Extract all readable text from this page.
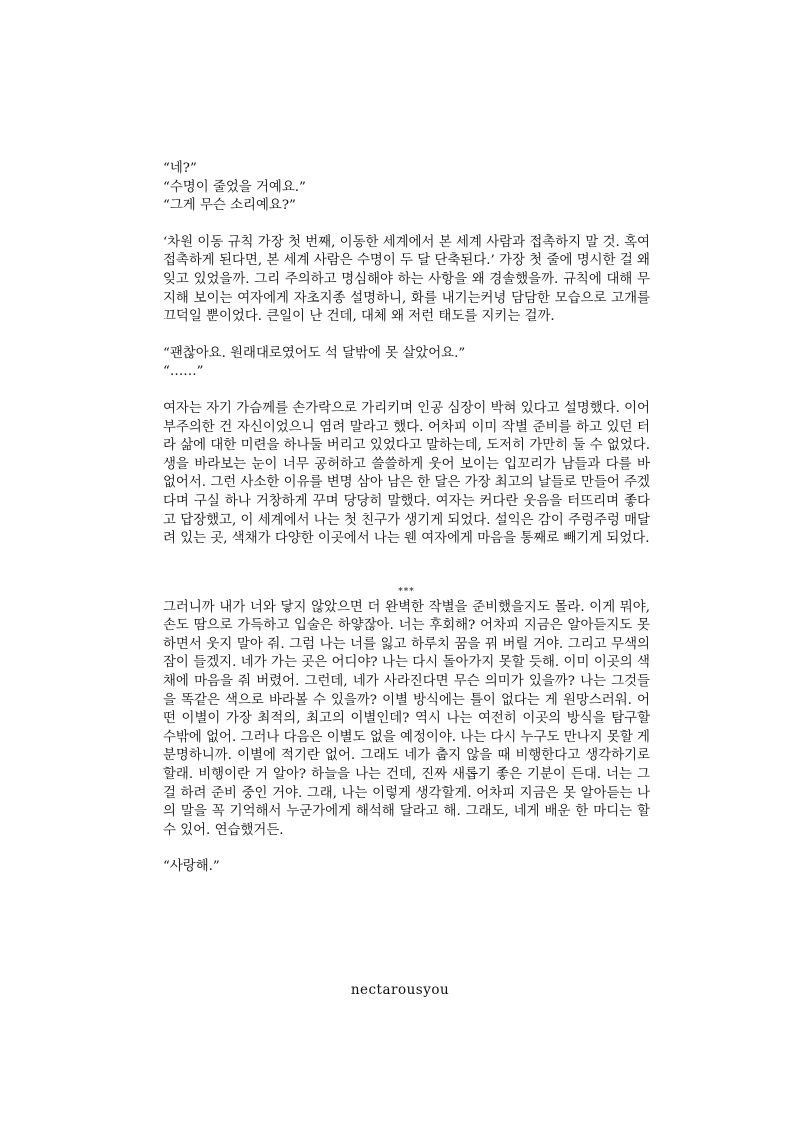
“네?”

“수명이 줄었을 거예요.”

“그게 무슨 소리예요?”

‘차원 이동 규칙 가장 첫 번째, 이동한 세계에서 본 세계 사람과 접촉하지 말 것. 혹여 접촉하게 된다면, 본 세계 사람은 수명이 두 달 단축된다.’ 가장 첫 줄에 명시한 걸 왜 잊고 있었을까. 그리 주의하고 명심해야 하는 사항을 왜 경솔했을까. 규칙에 대해 무지해 보이는 여자에게 자초지종 설명하니, 화를 내기는커녕 담담한 모습으로 고개를 끄덕일 뿐이었다. 큰일이 난 건데, 대체 왜 저런 태도를 지키는 걸까.

“괜찮아요. 원래대로였어도 석 달밖에 못 살았어요.”

“……”

여자는 자기 가슴께를 손가락으로 가리키며 인공 심장이 박혀 있다고 설명했다. 이어 부주의한 건 자신이었으니 염려 말라고 했다. 어차피 이미 작별 준비를 하고 있던 터라 삶에 대한 미련을 하나둘 버리고 있었다고 말하는데, 도저히 가만히 둘 수 없었다. 생을 바라보는 눈이 너무 공허하고 쓸쓸하게 웃어 보이는 입꼬리가 남들과 다를 바 없어서. 그런 사소한 이유를 변명 삼아 남은 한 달은 가장 최고의 날들로 만들어 주겠다며 구실 하나 거창하게 꾸며 당당히 말했다. 여자는 커다란 웃음을 터뜨리며 좋다고 답장했고, 이 세계에서 나는 첫 친구가 생기게 되었다. 설익은 감이 주렁주렁 매달려 있는 곳, 색채가 다양한 이곳에서 나는 웬 여자에게 마음을 통째로 빼기게 되었다.

***

그러니까 내가 너와 닿지 않았으면 더 완벽한 작별을 준비했을지도 몰라. 이게 뭐야, 손도 땀으로 가득하고 입술은 하얗잖아. 너는 후회해? 어차피 지금은 알아듣지도 못하면서 웃지 말아 줘. 그럼 나는 너를 잃고 하루치 꿈을 꿔 버릴 거야. 그리고 무색의 잠이 들겠지. 네가 가는 곳은 어디야? 나는 다시 돌아가지 못할 듯해. 이미 이곳의 색채에 마음을 줘 버렸어. 그런데, 네가 사라진다면 무슨 의미가 있을까? 나는 그것들을 똑같은 색으로 바라볼 수 있을까? 이별 방식에는 틀이 없다는 게 원망스러워. 어떤 이별이 가장 최적의, 최고의 이별인데? 역시 나는 여전히 이곳의 방식을 탐구할 수밖에 없어. 그러나 다음은 이별도 없을 예정이야. 나는 다시 누구도 만나지 못할 게 분명하니까. 이별에 적기란 없어. 그래도 네가 춥지 않을 때 비행한다고 생각하기로 할래. 비행이란 거 알아? 하늘을 나는 건데, 진짜 새롭기 좋은 기분이 든대. 너는 그걸 하려 준비 중인 거야. 그래, 나는 이렇게 생각할게. 어차피 지금은 못 알아듣는 나의 말을 꼭 기억해서 누군가에게 해석해 달라고 해. 그래도, 네게 배운 한 마디는 할 수 있어. 연습했거든.

“사랑해.”

nectarousyou
